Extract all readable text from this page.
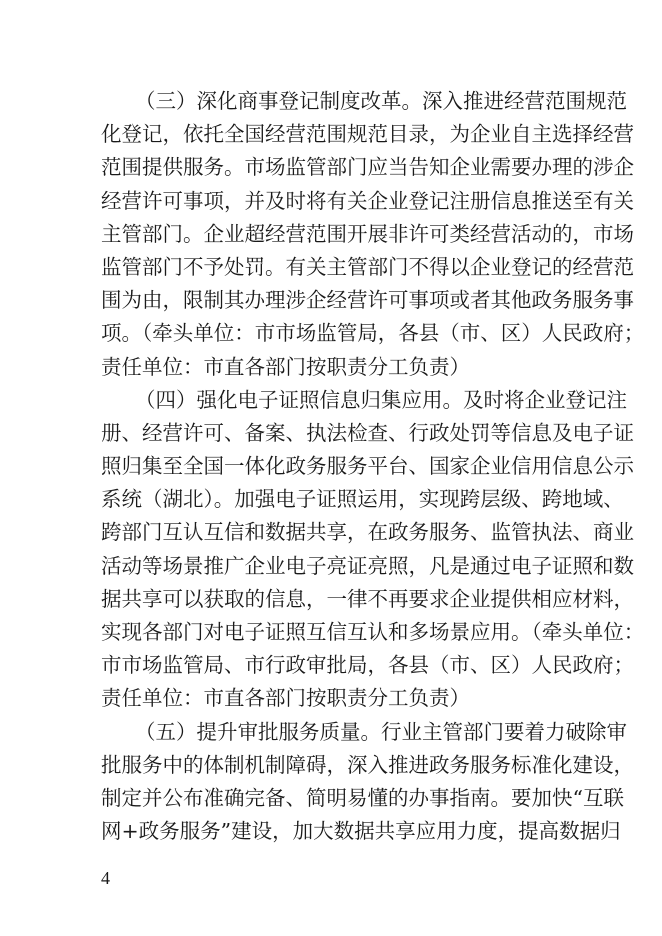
（三）深化商事登记制度改革。深入推进经营范围规范
化登记，依托全国经营范围规范目录，为企业自主选择经营
范围提供服务。市场监管部门应当告知企业需要办理的涉企
经营许可事项，并及时将有关企业登记注册信息推送至有关
主管部门。企业超经营范围开展非许可类经营活动的，市场
监管部门不予处罚。有关主管部门不得以企业登记的经营范
围为由，限制其办理涉企经营许可事项或者其他政务服务事
项。（牵头单位：市市场监管局，各县（市、区）人民政府；
责任单位：市直各部门按职责分工负责）
（四）强化电子证照信息归集应用。及时将企业登记注
册、经营许可、备案、执法检查、行政处罚等信息及电子证
照归集至全国一体化政务服务平台、国家企业信用信息公示
系统（湖北）。加强电子证照运用，实现跨层级、跨地域、
跨部门互认互信和数据共享，在政务服务、监管执法、商业
活动等场景推广企业电子亮证亮照，凡是通过电子证照和数
据共享可以获取的信息，一律不再要求企业提供相应材料，
实现各部门对电子证照互信互认和多场景应用。（牵头单位：
市市场监管局、市行政审批局，各县（市、区）人民政府；
责任单位：市直各部门按职责分工负责）
（五）提升审批服务质量。行业主管部门要着力破除审
批服务中的体制机制障碍，深入推进政务服务标准化建设，
制定并公布准确完备、简明易懂的办事指南。要加快“互联
网+政务服务”建设，加大数据共享应用力度，提高数据归
4
